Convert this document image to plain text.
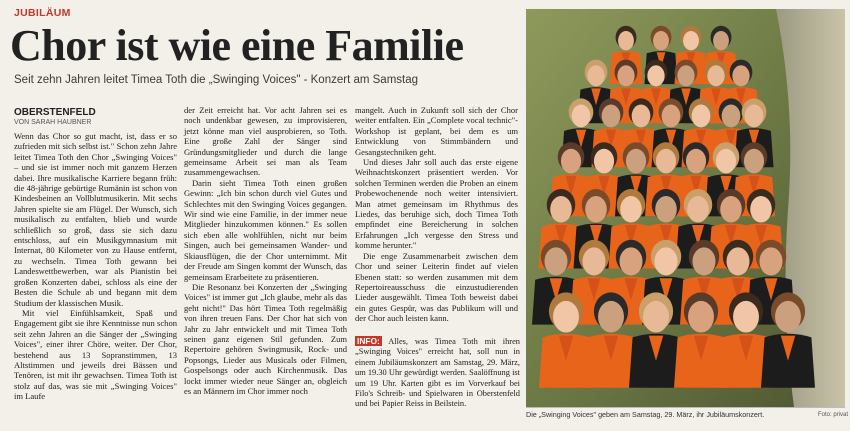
JUBILÄUM
Chor ist wie eine Familie
Seit zehn Jahren leitet Timea Toth die „Swinging Voices" - Konzert am Samstag
OBERSTENFELD
VON SARAH HAUBNER

Wenn das Chor so gut macht, ist, dass er so zufrieden mit sich selbst ist." Schon zehn Jahre leitet Timea Toth den Chor „Swinging Voices" – und sie ist immer noch mit ganzem Herzen dabei. Ihre musikalische Karriere begann früh: die 48-jährige gebürtige Rumänin ist schon von Kindesbeinen an Vollblutmusikerin. Mit sechs Jahren spielte sie am Flügel. Der Wunsch, sich musikalisch zu entfalten, blieb und wurde schließlich so groß, dass sie sich dazu entschloss, auf ein Musikgymnasium mit Internat, 80 Kilometer von zu Hause entfernt, zu wechseln. Timea Toth gewann bei Landeswettbewerben, war als Pianistin bei großen Konzerten dabei, schloss als eine der Besten die Schule ab und begann mit dem Studium der klassischen Musik.

Mit viel Einfühlsamkeit, Spaß und Engagement gibt sie ihre Kenntnisse nun schon seit zehn Jahren an die Sänger der „Swinging Voices", einer ihrer Chöre, weiter. Der Chor, bestehend aus 13 Sopranstimmen, 13 Altstimmen und jeweils drei Bässen und Tenören, ist mit ihr gewachsen. Timea Toth ist stolz auf das, was sie mit „Swinging Voices" im Laufe

der Zeit erreicht hat. Vor acht Jahren sei es noch undenkbar gewesen, zu improvisieren, jetzt könne man viel ausprobieren, so Toth. Eine große Zahl der Sänger sind Gründungsmitglieder und durch die lange gemeinsame Arbeit sei man als Team zusammengewachsen.

Darin sieht Timea Toth einen großen Gewinn: „Ich bin schon durch viel Gutes und Schlechtes mit den Swinging Voices gegangen. Wir sind wie eine Familie, in der immer neue Mitglieder hinzukommen können." Es sollen sich eben alle wohlfühlen, nicht nur beim Singen, auch bei gemeinsamen Wander- und Skiausflügen, die der Chor unternimmt. Mit der Freude am Singen kommt der Wunsch, das gemeinsam Erarbeitete zu präsentieren.

Die Resonanz bei Konzerten der „Swinging Voices" ist immer gut „Ich glaube, mehr als das geht nicht!" Das hört Timea Toth regelmäßig von ihren treuen Fans. Der Chor hat sich von Jahr zu Jahr entwickelt und mit Timea Toth seinen ganz eigenen Stil gefunden. Zum Repertoire gehören Swingmusik, Rock- und Popsongs, Lieder aus Musicals oder Filmen, Gospelsongs oder auch Kirchenmusik. Das lockt immer wieder neue Sänger an, obgleich es an Männern im Chor immer noch

mangelt. Auch in Zukunft soll sich der Chor weiter entfalten. Ein „Complete vocal technic"-Workshop ist geplant, bei dem es um Entwicklung von Stimmbändern und Gesangstechniken geht.

Und dieses Jahr soll auch das erste eigene Weihnachtskonzert präsentiert werden. Vor solchen Terminen werden die Proben an einem Probewochenende noch weiter intensiviert. Man atmet gemeinsam im Rhythmus des Liedes, das beruhige sich, doch Timea Toth empfindet eine Bereicherung in solchen Erfahrungen „Ich vergesse den Stress und komme herunter."

Die enge Zusammenarbeit zwischen dem Chor und seiner Leiterin findet auf vielen Ebenen statt: so werden zusammen mit dem Repertoireausschuss die einzustudierenden Lieder ausgewählt. Timea Toth beweist dabei ein gutes Gespür, was das Publikum will und der Chor auch leisten kann.

INFO: Alles, was Timea Toth mit ihren „Swinging Voices" erreicht hat, soll nun in einem Jubiläumskonzert am Samstag, 29. März, um 19.30 Uhr gewürdigt werden. Saalöffnung ist um 19 Uhr. Karten gibt es im Vorverkauf bei Filo's Schreib- und Spielwaren in Oberstenfeld und bei Papier Reiss in Beilstein.
Die „Swinging Voices" geben am Samstag, 29. März, ihr Jubiläumskonzert.	Foto: privat
